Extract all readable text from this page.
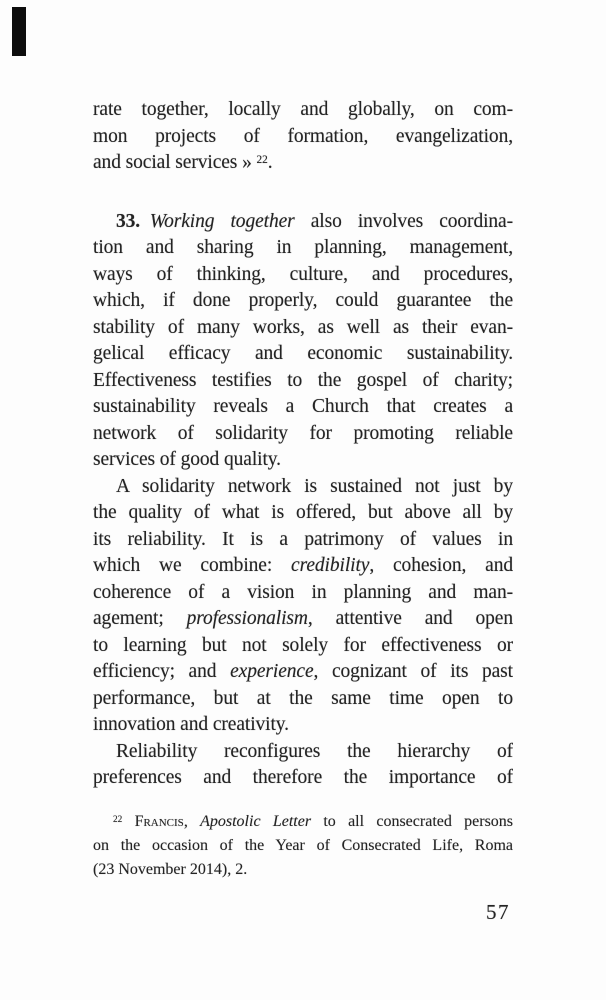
rate together, locally and globally, on com-
mon projects of formation, evangelization,
and social services » $^{22}$.
33.  Working together also involves coordina-
tion and sharing in planning, management,
ways of thinking, culture, and procedures,
which, if done properly, could guarantee the
stability of many works, as well as their evan-
gelical efficacy and economic sustainability.
Effectiveness testifies to the gospel of charity;
sustainability reveals a Church that creates a
network of solidarity for promoting reliable
services of good quality.
A solidarity network is sustained not just by
the quality of what is offered, but above all by
its reliability. It is a patrimony of values in
which we combine: credibility, cohesion, and
coherence of a vision in planning and man-
agement; professionalism, attentive and open
to learning but not solely for effectiveness or
efficiency; and experience, cognizant of its past
performance, but at the same time open to
innovation and creativity.
Reliability reconfigures the hierarchy of
preferences and therefore the importance of
$^{22}$ Francis, Apostolic Letter to all consecrated persons
on the occasion of the Year of Consecrated Life, Roma
(23 November 2014), 2.
57
